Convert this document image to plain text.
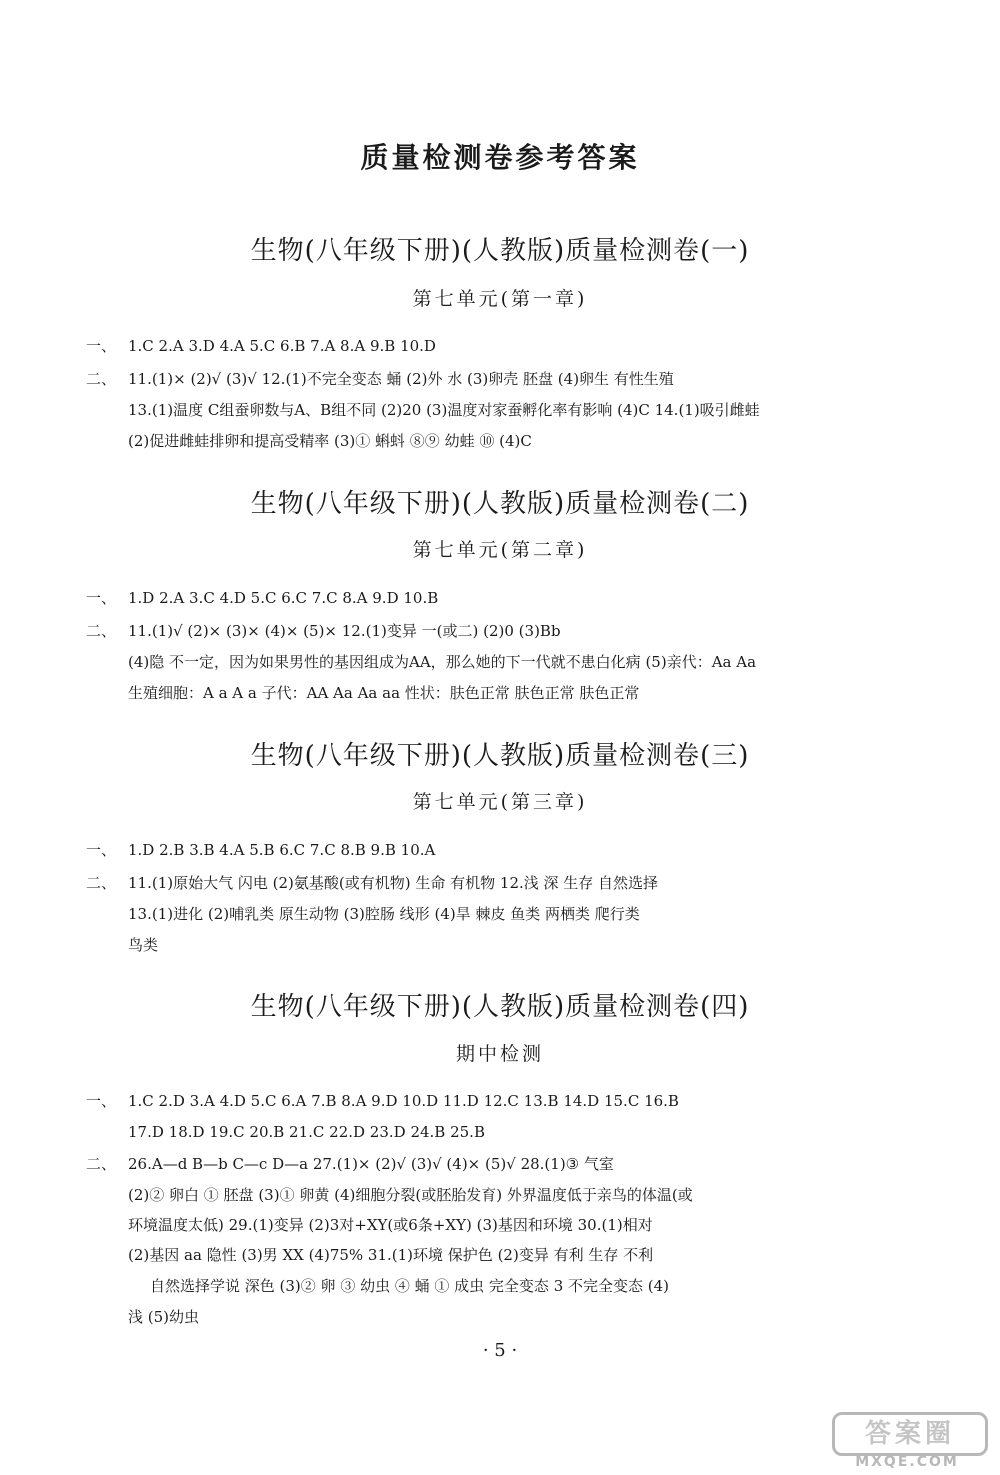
质量检测卷参考答案
生物(八年级下册)(人教版)质量检测卷(一)
第七单元(第一章)
一、 1.C 2.A 3.D 4.A 5.C 6.B 7.A 8.A 9.B 10.D
二、 11.(1)× (2)√ (3)√ 12.(1)不完全变态 蛹 (2)外 水 (3)卵壳 胚盘 (4)卵生 有性生殖
13.(1)温度 C组蚕卵数与A、B组不同 (2)20 (3)温度对家蚕孵化率有影响 (4)C 14.(1)吸引雌蛙
(2)促进雌蛙排卵和提高受精率 (3)① 蝌蚪 ⑧⑨ 幼蛙 ⑩ (4)C
生物(八年级下册)(人教版)质量检测卷(二)
第七单元(第二章)
一、 1.D 2.A 3.C 4.D 5.C 6.C 7.C 8.A 9.D 10.B
二、 11.(1)√ (2)× (3)× (4)× (5)× 12.(1)变异 一(或二) (2)0 (3)Bb
(4)隐 不一定，因为如果男性的基因组成为AA，那么她的下一代就不患白化病 (5)亲代：Aa Aa
生殖细胞：A a A a 子代：AA Aa Aa aa 性状：肤色正常 肤色正常 肤色正常
生物(八年级下册)(人教版)质量检测卷(三)
第七单元(第三章)
一、 1.D 2.B 3.B 4.A 5.B 6.C 7.C 8.B 9.B 10.A
二、 11.(1)原始大气 闪电 (2)氨基酸(或有机物) 生命 有机物 12.浅 深 生存 自然选择
13.(1)进化 (2)哺乳类 原生动物 (3)腔肠 线形 (4)旱 棘皮 鱼类 两栖类 爬行类
鸟类
生物(八年级下册)(人教版)质量检测卷(四)
期中检测
一、 1.C 2.D 3.A 4.D 5.C 6.A 7.B 8.A 9.D 10.D 11.D 12.C 13.B 14.D 15.C 16.B
17.D 18.D 19.C 20.B 21.C 22.D 23.D 24.B 25.B
二、 26.A—d B—b C—c D—a 27.(1)× (2)√ (3)√ (4)× (5)√ 28.(1)③ 气室
(2)② 卵白 ① 胚盘 (3)① 卵黄 (4)细胞分裂(或胚胎发育) 外界温度低于亲鸟的体温(或
环境温度太低) 29.(1)变异 (2)3对+XY(或6条+XY) (3)基因和环境 30.(1)相对
(2)基因 aa 隐性 (3)男 XX (4)75% 31.(1)环境 保护色 (2)变异 有利 生存 不利
自然选择学说 深色 (3)② 卵 ③ 幼虫 ④ 蛹 ① 成虫 完全变态 3 不完全变态 (4)
浅 (5)幼虫
· 5 ·
答案圈
MXQE.COM
